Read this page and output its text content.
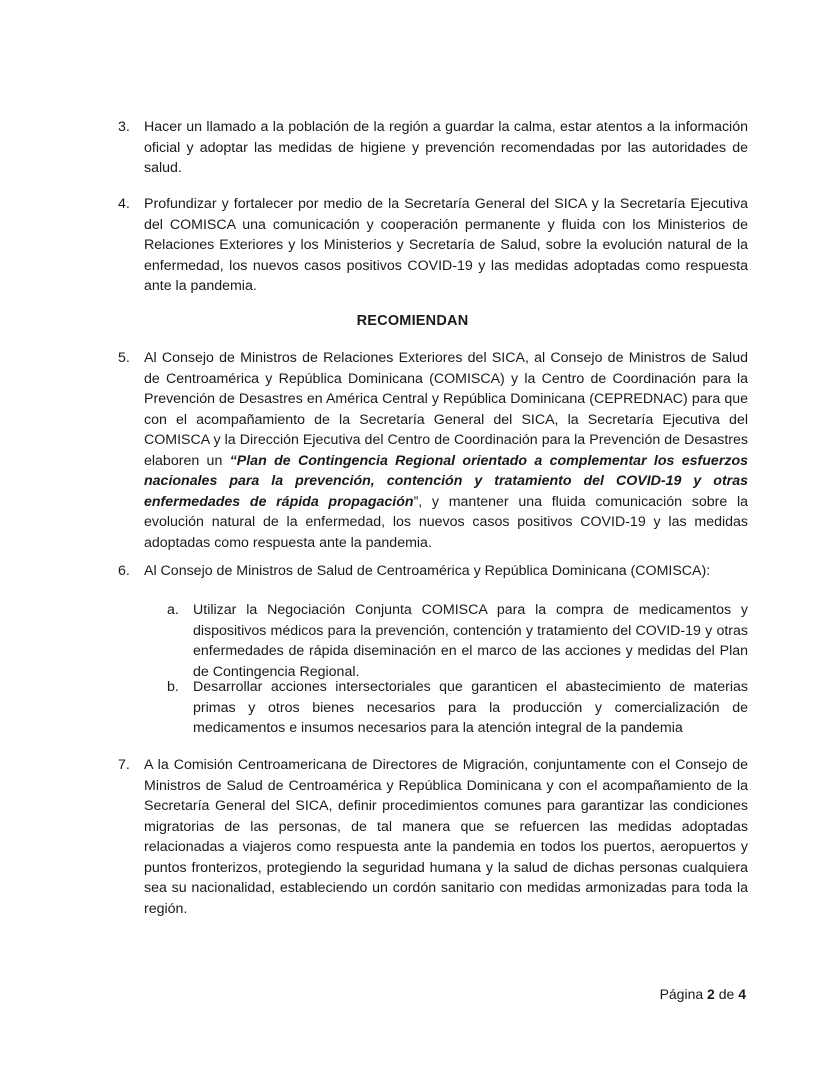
3. Hacer un llamado a la población de la región a guardar la calma, estar atentos a la información oficial y adoptar las medidas de higiene y prevención recomendadas por las autoridades de salud.
4. Profundizar y fortalecer por medio de la Secretaría General del SICA y la Secretaría Ejecutiva del COMISCA una comunicación y cooperación permanente y fluida con los Ministerios de Relaciones Exteriores y los Ministerios y Secretaría de Salud, sobre la evolución natural de la enfermedad, los nuevos casos positivos COVID-19 y las medidas adoptadas como respuesta ante la pandemia.
RECOMIENDAN
5. Al Consejo de Ministros de Relaciones Exteriores del SICA, al Consejo de Ministros de Salud de Centroamérica y República Dominicana (COMISCA) y la Centro de Coordinación para la Prevención de Desastres en América Central y República Dominicana (CEPREDNAC) para que con el acompañamiento de la Secretaría General del SICA, la Secretaría Ejecutiva del COMISCA y la Dirección Ejecutiva del Centro de Coordinación para la Prevención de Desastres elaboren un “Plan de Contingencia Regional orientado a complementar los esfuerzos nacionales para la prevención, contención y tratamiento del COVID-19 y otras enfermedades de rápida propagación”, y mantener una fluida comunicación sobre la evolución natural de la enfermedad, los nuevos casos positivos COVID-19 y las medidas adoptadas como respuesta ante la pandemia.
6. Al Consejo de Ministros de Salud de Centroamérica y República Dominicana (COMISCA):
a. Utilizar la Negociación Conjunta COMISCA para la compra de medicamentos y dispositivos médicos para la prevención, contención y tratamiento del COVID-19 y otras enfermedades de rápida diseminación en el marco de las acciones y medidas del Plan de Contingencia Regional.
b. Desarrollar acciones intersectoriales que garanticen el abastecimiento de materias primas y otros bienes necesarios para la producción y comercialización de medicamentos e insumos necesarios para la atención integral de la pandemia
7. A la Comisión Centroamericana de Directores de Migración, conjuntamente con el Consejo de Ministros de Salud de Centroamérica y República Dominicana y con el acompañamiento de la Secretaría General del SICA, definir procedimientos comunes para garantizar las condiciones migratorias de las personas, de tal manera que se refuercen las medidas adoptadas relacionadas a viajeros como respuesta ante la pandemia en todos los puertos, aeropuertos y puntos fronterizos, protegiendo la seguridad humana y la salud de dichas personas cualquiera sea su nacionalidad, estableciendo un cordón sanitario con medidas armonizadas para toda la región.
Página 2 de 4
